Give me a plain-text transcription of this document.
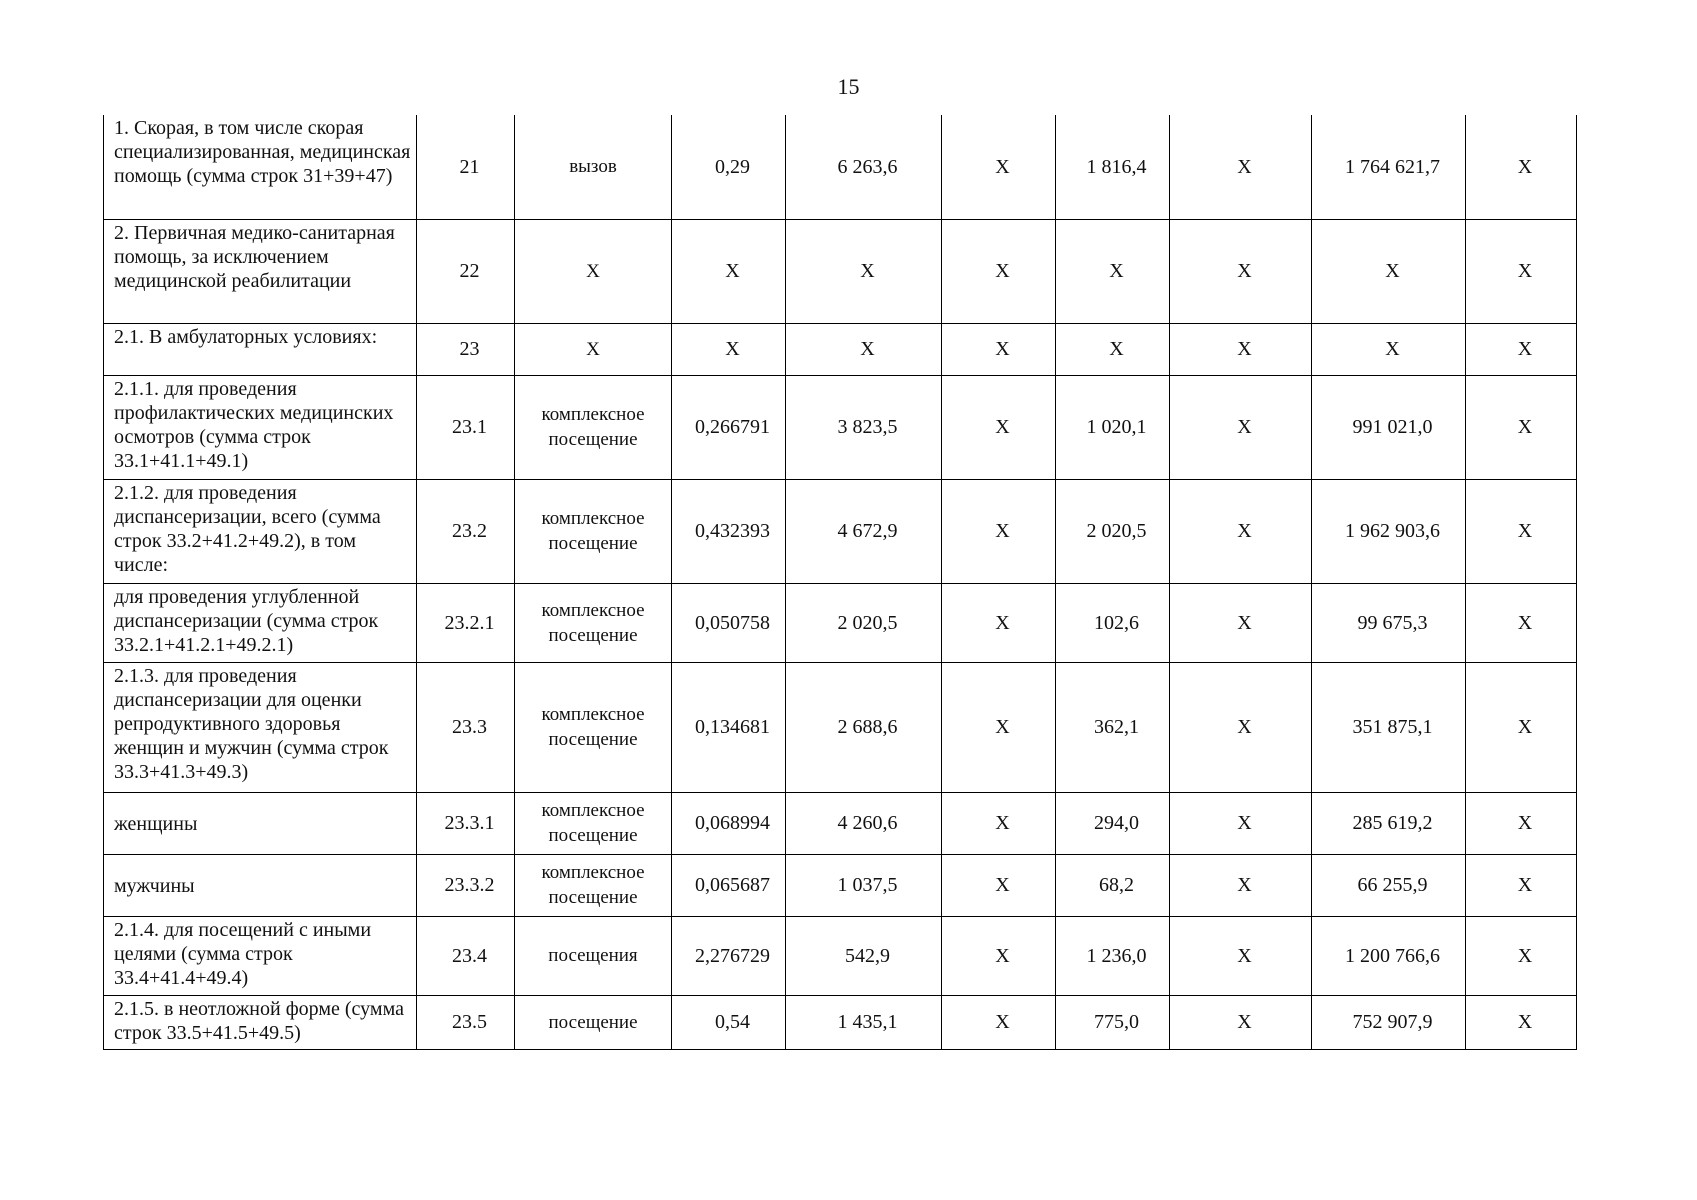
15
1. Скорая, в том числе скорая специализированная, медицинская помощь (сумма строк 31+39+47)	21	вызов	0,29	6 263,6	Х	1 816,4	Х	1 764 621,7	Х
2. Первичная медико-санитарная помощь, за исключением медицинской реабилитации	22	Х	Х	Х	Х	Х	Х	Х	Х
2.1. В амбулаторных условиях:	23	Х	Х	Х	Х	Х	Х	Х	Х
2.1.1. для проведения профилактических медицинских осмотров (сумма строк 33.1+41.1+49.1)	23.1	комплексное посещение	0,266791	3 823,5	Х	1 020,1	Х	991 021,0	Х
2.1.2. для проведения диспансеризации, всего (сумма строк 33.2+41.2+49.2), в том числе:	23.2	комплексное посещение	0,432393	4 672,9	Х	2 020,5	Х	1 962 903,6	Х
для проведения углубленной диспансеризации (сумма строк 33.2.1+41.2.1+49.2.1)	23.2.1	комплексное посещение	0,050758	2 020,5	Х	102,6	Х	99 675,3	Х
2.1.3. для проведения диспансеризации для оценки репродуктивного здоровья женщин и мужчин (сумма строк 33.3+41.3+49.3)	23.3	комплексное посещение	0,134681	2 688,6	Х	362,1	Х	351 875,1	Х
женщины	23.3.1	комплексное посещение	0,068994	4 260,6	Х	294,0	Х	285 619,2	Х
мужчины	23.3.2	комплексное посещение	0,065687	1 037,5	Х	68,2	Х	66 255,9	Х
2.1.4. для посещений с иными целями (сумма строк 33.4+41.4+49.4)	23.4	посещения	2,276729	542,9	Х	1 236,0	Х	1 200 766,6	Х
2.1.5. в неотложной форме (сумма строк 33.5+41.5+49.5)	23.5	посещение	0,54	1 435,1	Х	775,0	Х	752 907,9	Х
